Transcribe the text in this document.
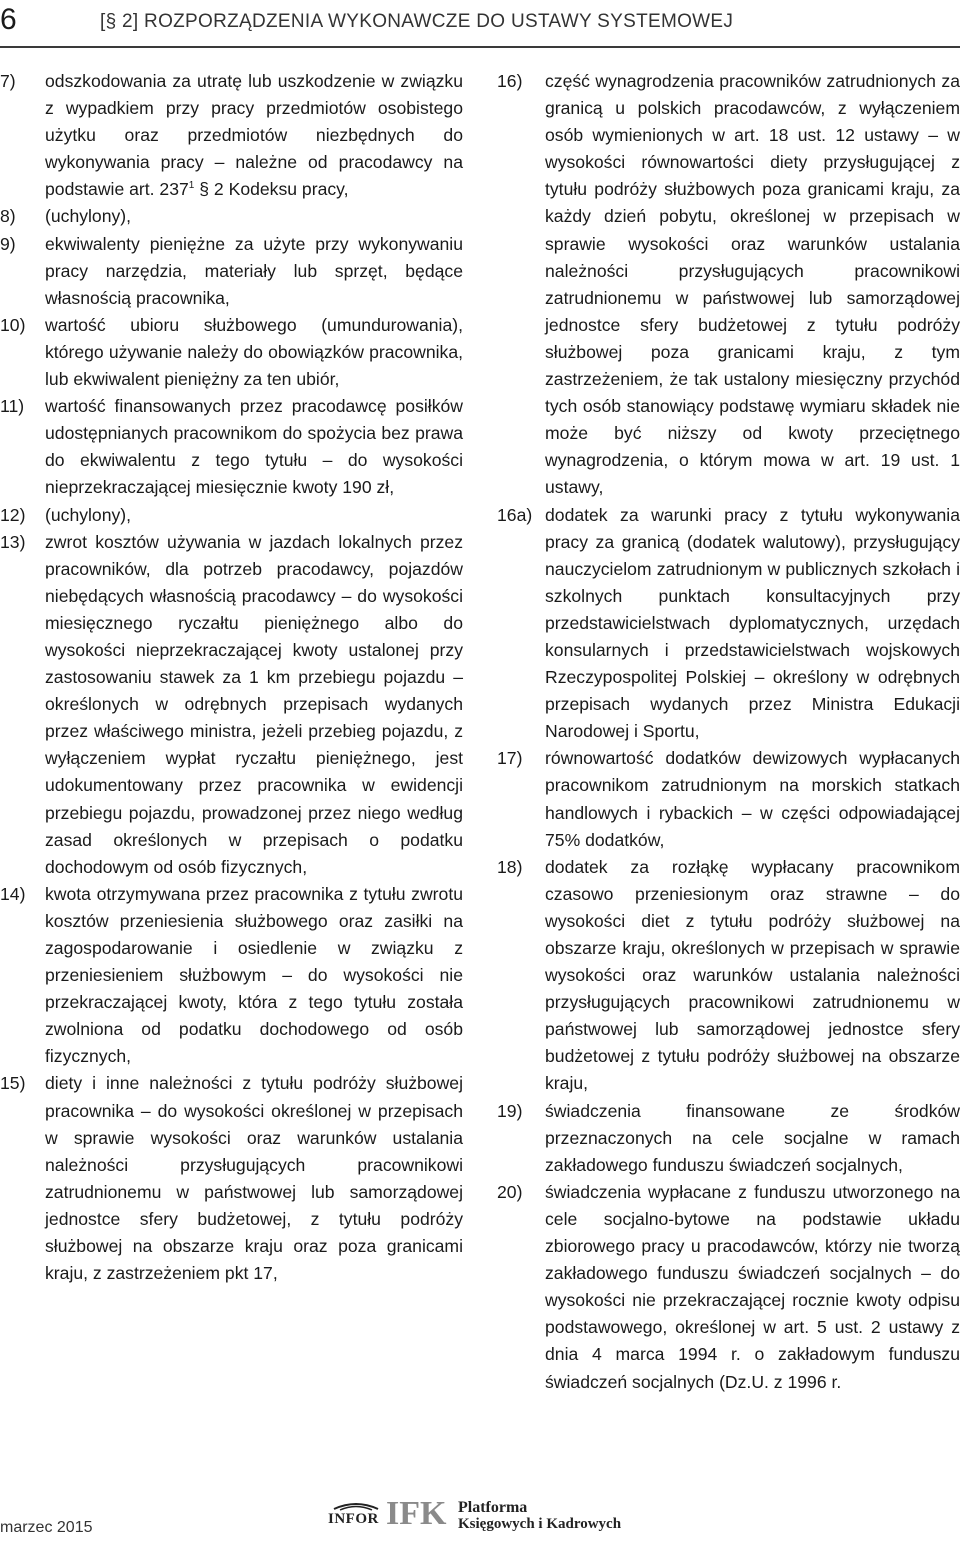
6	[§ 2] ROZPORZĄDZENIA WYKONAWCZE DO USTAWY SYSTEMOWEJ
7) odszkodowania za utratę lub uszkodzenie w związku z wypadkiem przy pracy przedmiotów osobistego użytku oraz przedmiotów niezbędnych do wykonywania pracy – należne od pracodawcy na podstawie art. $237^1$ § 2 Kodeksu pracy,
8) (uchylony),
9) ekwiwalenty pieniężne za użyte przy wykonywaniu pracy narzędzia, materiały lub sprzęt, będące własnością pracownika,
10) wartość ubioru służbowego (umundurowania), którego używanie należy do obowiązków pracownika, lub ekwiwalent pieniężny za ten ubiór,
11) wartość finansowanych przez pracodawcę posiłków udostępnianych pracownikom do spożycia bez prawa do ekwiwalentu z tego tytułu – do wysokości nieprzekraczającej miesięcznie kwoty 190 zł,
12) (uchylony),
13) zwrot kosztów używania w jazdach lokalnych przez pracowników, dla potrzeb pracodawcy, pojazdów niebędących własnością pracodawcy – do wysokości miesięcznego ryczałtu pieniężnego albo do wysokości nieprzekraczającej kwoty ustalonej przy zastosowaniu stawek za 1 km przebiegu pojazdu – określonych w odrębnych przepisach wydanych przez właściwego ministra, jeżeli przebieg pojazdu, z wyłączeniem wypłat ryczałtu pieniężnego, jest udokumentowany przez pracownika w ewidencji przebiegu pojazdu, prowadzonej przez niego według zasad określonych w przepisach o podatku dochodowym od osób fizycznych,
14) kwota otrzymywana przez pracownika z tytułu zwrotu kosztów przeniesienia służbowego oraz zasiłki na zagospodarowanie i osiedlenie w związku z przeniesieniem służbowym – do wysokości nie przekraczającej kwoty, która z tego tytułu została zwolniona od podatku dochodowego od osób fizycznych,
15) diety i inne należności z tytułu podróży służbowej pracownika – do wysokości określonej w przepisach w sprawie wysokości oraz warunków ustalania należności przysługujących pracownikowi zatrudnionemu w państwowej lub samorządowej jednostce sfery budżetowej, z tytułu podróży służbowej na obszarze kraju oraz poza granicami kraju, z zastrzeżeniem pkt 17,
16) część wynagrodzenia pracowników zatrudnionych za granicą u polskich pracodawców, z wyłączeniem osób wymienionych w art. 18 ust. 12 ustawy – w wysokości równowartości diety przysługującej z tytułu podróży służbowych poza granicami kraju, za każdy dzień pobytu, określonej w przepisach w sprawie wysokości oraz warunków ustalania należności przysługujących pracownikowi zatrudnionemu w państwowej lub samorządowej jednostce sfery budżetowej z tytułu podróży służbowej poza granicami kraju, z tym zastrzeżeniem, że tak ustalony miesięczny przychód tych osób stanowiący podstawę wymiaru składek nie może być niższy od kwoty przeciętnego wynagrodzenia, o którym mowa w art. 19 ust. 1 ustawy,
16a) dodatek za warunki pracy z tytułu wykonywania pracy za granicą (dodatek walutowy), przysługujący nauczycielom zatrudnionym w publicznych szkołach i szkolnych punktach konsultacyjnych przy przedstawicielstwach dyplomatycznych, urzędach konsularnych i przedstawicielstwach wojskowych Rzeczypospolitej Polskiej – określony w odrębnych przepisach wydanych przez Ministra Edukacji Narodowej i Sportu,
17) równowartość dodatków dewizowych wypłacanych pracownikom zatrudnionym na morskich statkach handlowych i rybackich – w części odpowiadającej 75% dodatków,
18) dodatek za rozłąkę wypłacany pracownikom czasowo przeniesionym oraz strawne – do wysokości diet z tytułu podróży służbowej na obszarze kraju, określonych w przepisach w sprawie wysokości oraz warunków ustalania należności przysługujących pracownikowi zatrudnionemu w państwowej lub samorządowej jednostce sfery budżetowej z tytułu podróży służbowej na obszarze kraju,
19) świadczenia finansowane ze środków przeznaczonych na cele socjalne w ramach zakładowego funduszu świadczeń socjalnych,
20) świadczenia wypłacane z funduszu utworzonego na cele socjalno-bytowe na podstawie układu zbiorowego pracy u pracodawców, którzy nie tworzą zakładowego funduszu świadczeń socjalnych – do wysokości nie przekraczającej rocznie kwoty odpisu podstawowego, określonej w art. 5 ust. 2 ustawy z dnia 4 marca 1994 r. o zakładowym funduszu świadczeń socjalnych (Dz.U. z 1996 r.
marzec 2015	INFOR IFK Platforma
Księgowych i Kadrowych
